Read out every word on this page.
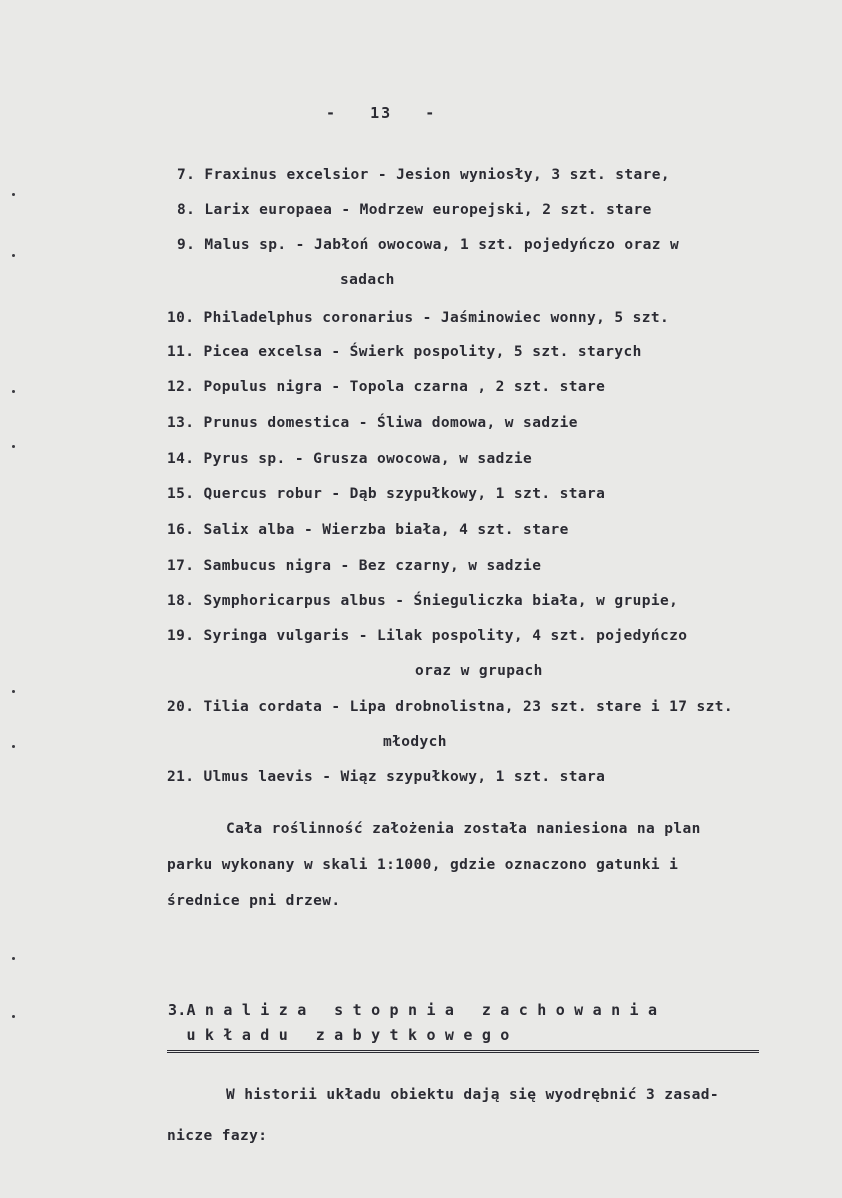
-   13   -
7. Fraxinus excelsior - Jesion wyniosły, 3 szt. stare,
8. Larix europaea - Modrzew europejski, 2 szt. stare
9. Malus sp. - Jabłoń owocowa, 1 szt. pojedyńczo oraz w
sadach
10. Philadelphus coronarius - Jaśminowiec wonny, 5 szt.
11. Picea excelsa - Świerk pospolity, 5 szt. starych
12. Populus nigra - Topola czarna , 2 szt. stare
13. Prunus domestica - Śliwa domowa, w sadzie
14. Pyrus sp. - Grusza owocowa, w sadzie
15. Quercus robur - Dąb szypułkowy, 1 szt. stara
16. Salix alba - Wierzba biała, 4 szt. stare
17. Sambucus nigra - Bez czarny, w sadzie
18. Symphoricarpus albus - Śnieguliczka biała, w grupie,
19. Syringa vulgaris - Lilak pospolity, 4 szt. pojedyńczo
oraz w grupach
20. Tilia cordata - Lipa drobnolistna, 23 szt. stare i 17 szt.
młodych
21. Ulmus laevis - Wiąz szypułkowy, 1 szt. stara
Cała roślinność założenia została naniesiona na plan
parku wykonany w skali 1:1000, gdzie oznaczono gatunki i
średnice pni drzew.
3.A n a l i z a   s t o p n i a   z a c h o w a n i a
u k ł a d u   z a b y t k o w e g o
W historii układu obiektu dają się wyodrębnić 3 zasad-
nicze fazy:
